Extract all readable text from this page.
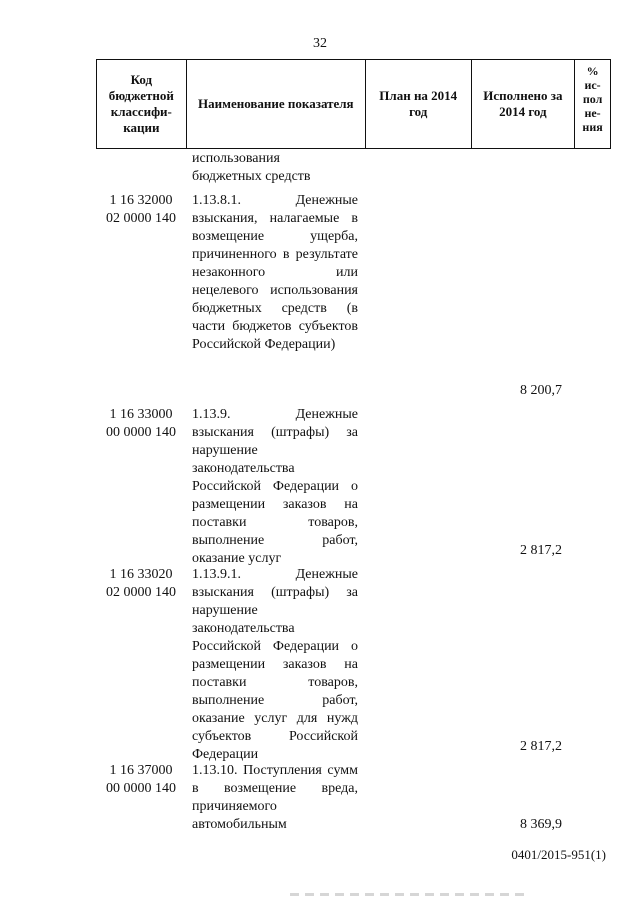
32
Код
бюджетной
классифи-
кации
Наименование показателя
План на 2014
год
Исполнено за
2014 год
%
ис-
пол
не-
ния
использования
бюджетных средств
1 16 32000
02 0000 140
1.13.8.1. Денежные взыскания, налагаемые в возмещение ущерба, причиненного в результате незаконного или нецелевого использования бюджетных средств (в части бюджетов субъектов Российской Федерации)
8 200,7
1 16 33000
00 0000 140
1.13.9. Денежные взыскания (штрафы) за нарушение законодательства Российской Федерации о размещении заказов на поставки товаров, выполнение работ, оказание услуг
2 817,2
1 16 33020
02 0000 140
1.13.9.1. Денежные взыскания (штрафы) за нарушение законодательства Российской Федерации о размещении заказов на поставки товаров, выполнение работ, оказание услуг для нужд субъектов Российской Федерации
2 817,2
1 16 37000
00 0000 140
1.13.10. Поступления сумм в возмещение вреда, причиняемого автомобильным	8 369,9
0401/2015-951(1)
